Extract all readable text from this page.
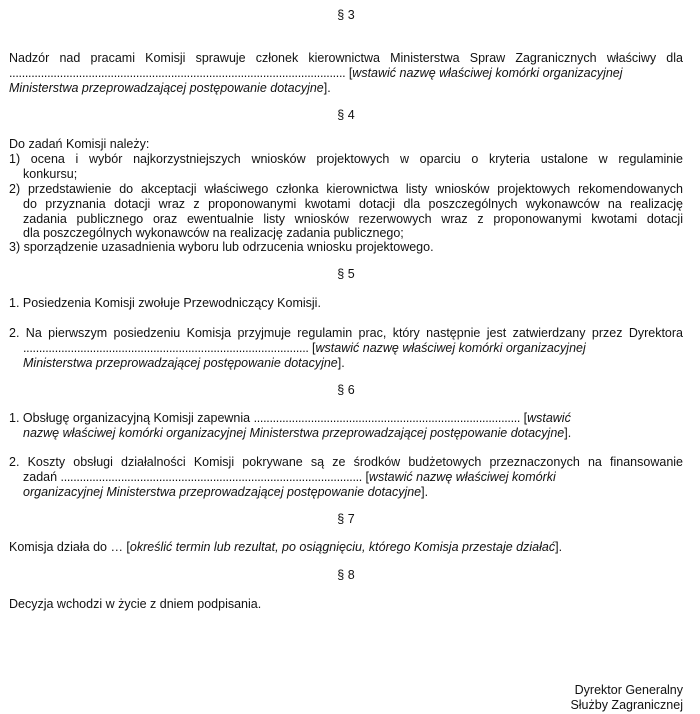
§ 3
Nadzór nad pracami Komisji sprawuje członek kierownictwa Ministerstwa Spraw Zagranicznych właściwy dla
.......................................................................................................... [wstawić nazwę właściwej komórki organizacyjnej
Ministerstwa przeprowadzającej postępowanie dotacyjne].
§ 4
Do zadań Komisji należy:
1) ocena i wybór najkorzystniejszych wniosków projektowych w oparciu o kryteria ustalone w regulaminie
konkursu;
2) przedstawienie do akceptacji właściwego członka kierownictwa listy wniosków projektowych rekomendowanych
do przyznania dotacji wraz z proponowanymi kwotami dotacji dla poszczególnych wykonawców na realizację
zadania publicznego oraz ewentualnie listy wniosków rezerwowych wraz z proponowanymi kwotami dotacji
dla poszczególnych wykonawców na realizację zadania publicznego;
3) sporządzenie uzasadnienia wyboru lub odrzucenia wniosku projektowego.
§ 5
1. Posiedzenia Komisji zwołuje Przewodniczący Komisji.
2. Na pierwszym posiedzeniu Komisja przyjmuje regulamin prac, który następnie jest zatwierdzany przez Dyrektora
.......................................................................................... [wstawić nazwę właściwej komórki organizacyjnej
Ministerstwa przeprowadzającej postępowanie dotacyjne].
§ 6
1. Obsługę organizacyjną Komisji zapewnia .................................................................................... [wstawić
nazwę właściwej komórki organizacyjnej Ministerstwa przeprowadzającej postępowanie dotacyjne].
2. Koszty obsługi działalności Komisji pokrywane są ze środków budżetowych przeznaczonych na finansowanie
zadań ............................................................................................... [wstawić nazwę właściwej komórki
organizacyjnej Ministerstwa przeprowadzającej postępowanie dotacyjne].
§ 7
Komisja działa do … [określić termin lub rezultat, po osiągnięciu, którego Komisja przestaje działać].
§ 8
Decyzja wchodzi w życie z dniem podpisania.
Dyrektor Generalny
Służby Zagranicznej
